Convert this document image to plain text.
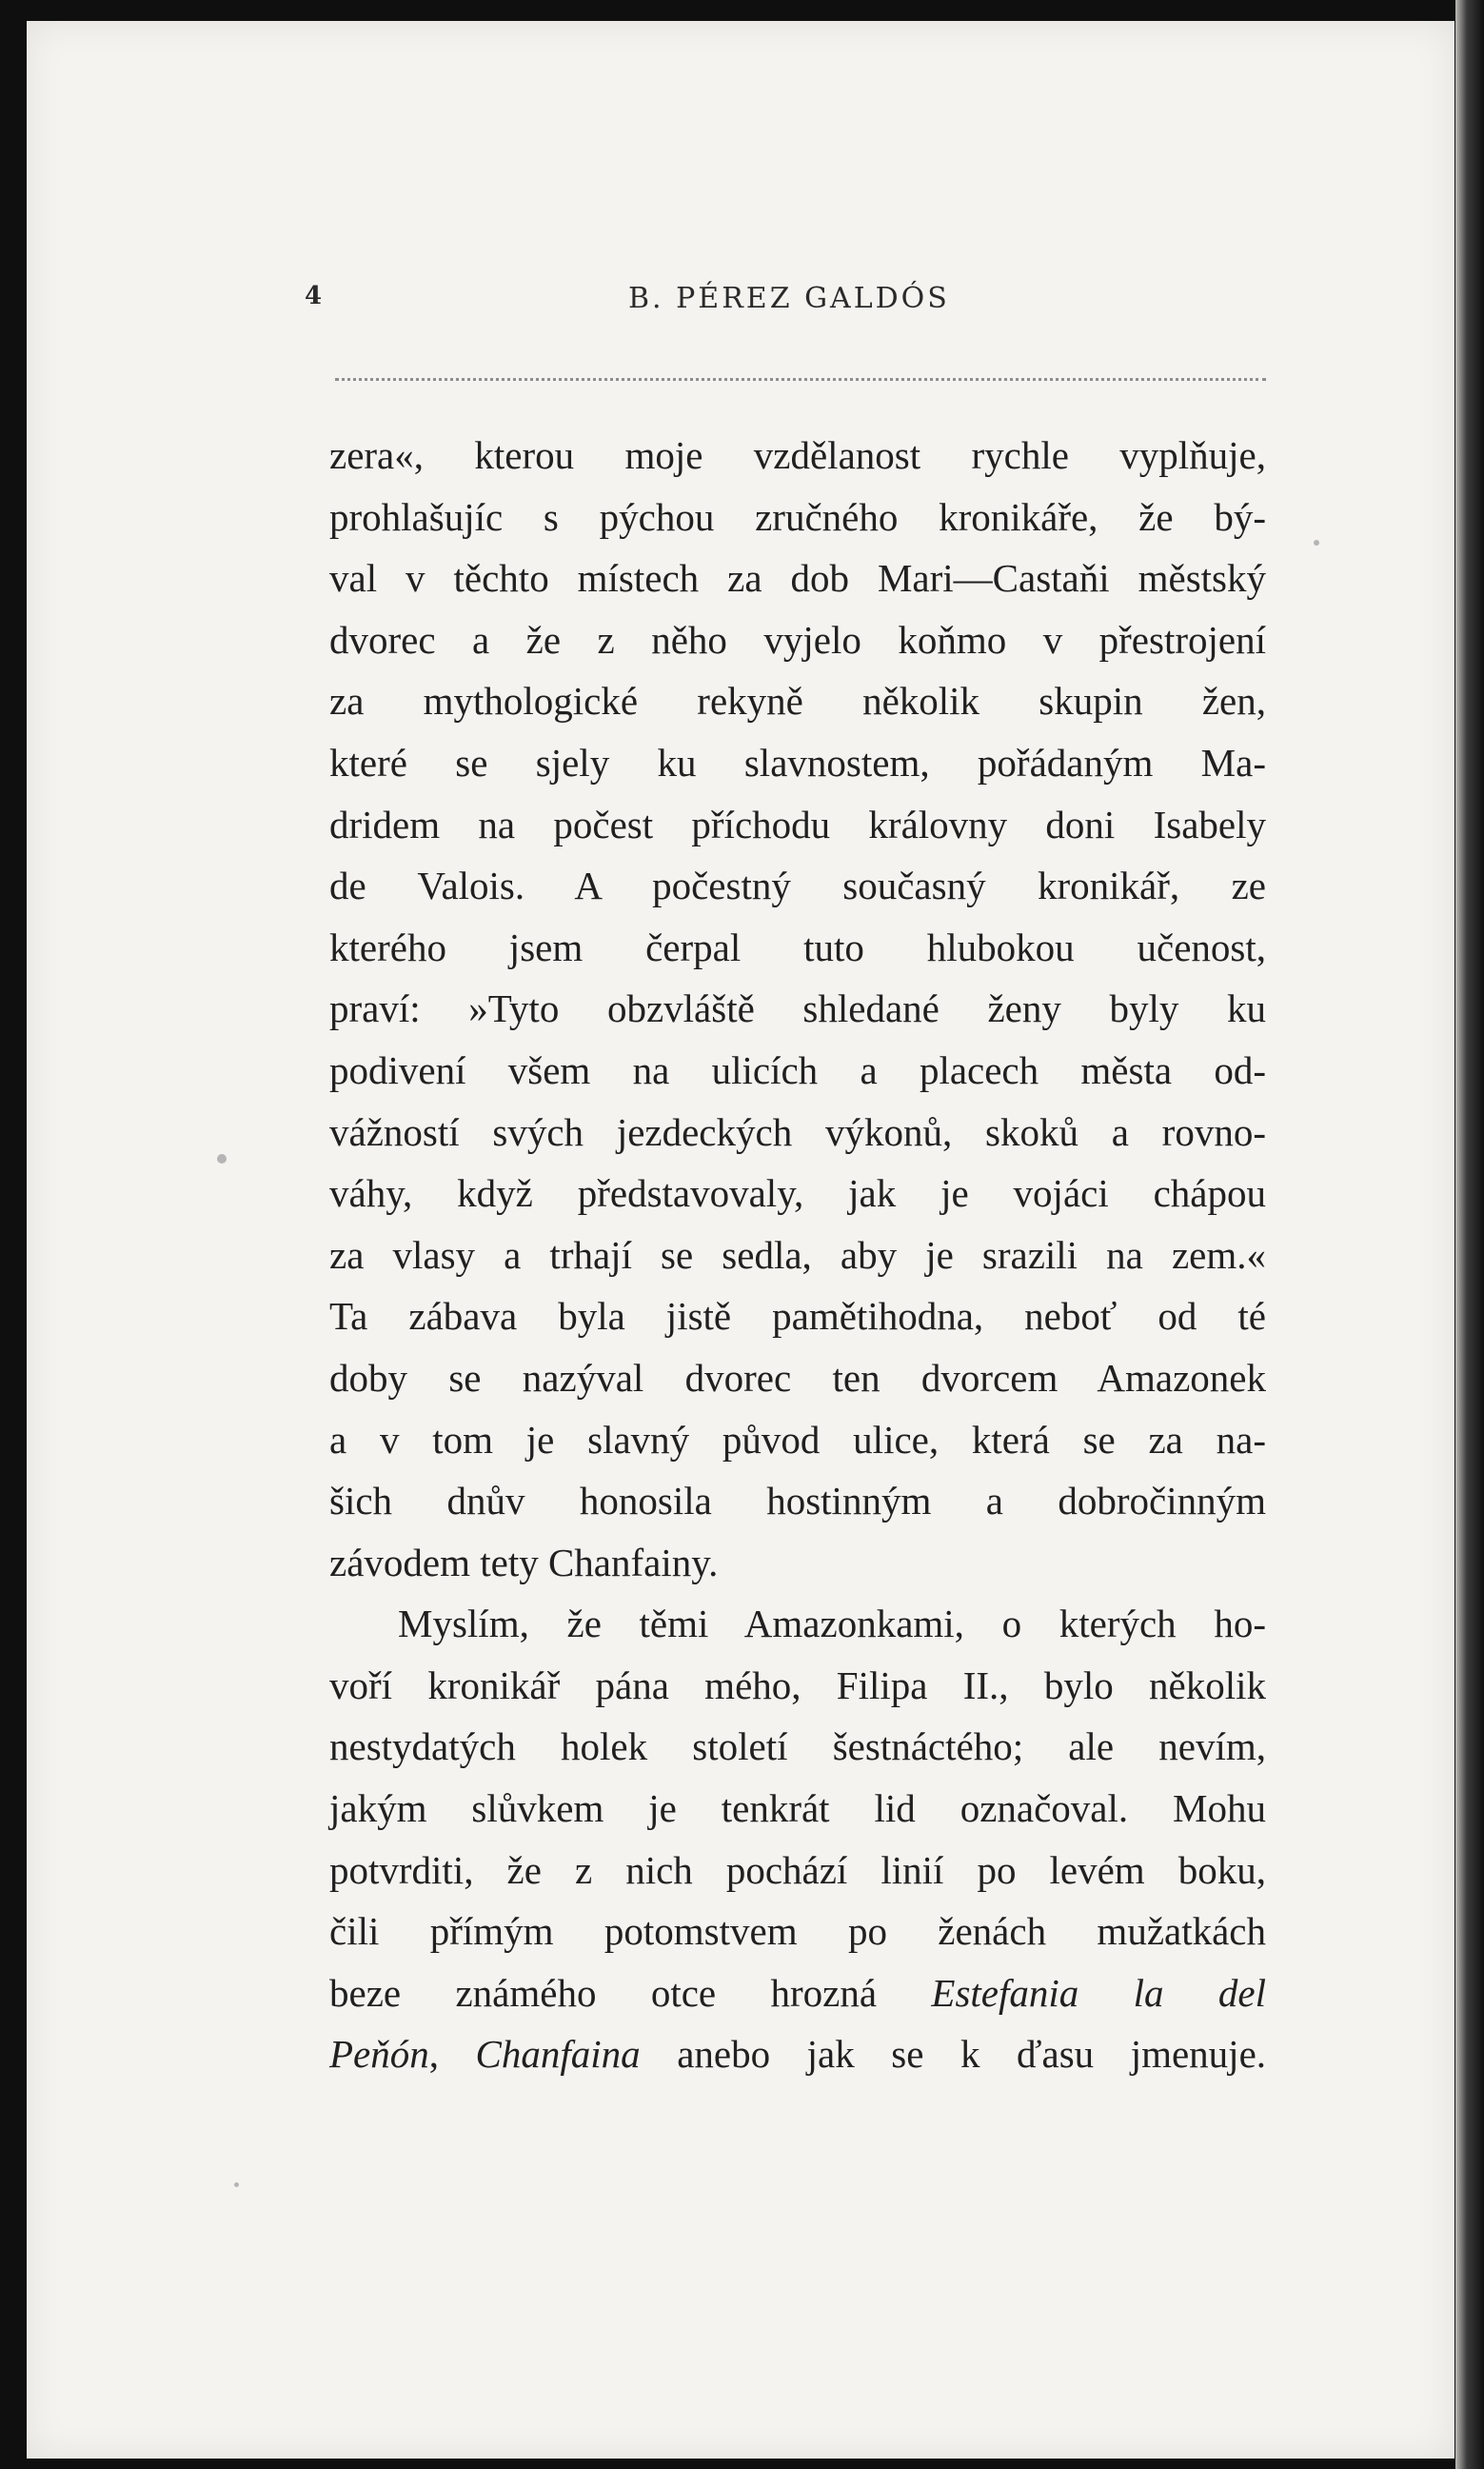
4	B. PÉREZ GALDÓS
zera«, kterou moje vzdělanost rychle vyplňuje,
prohlašujíc s pýchou zručného kronikáře, že bý-
val v těchto místech za dob Mari—Castaňi městský
dvorec a že z něho vyjelo koňmo v přestrojení
za mythologické rekyně několik skupin žen,
které se sjely ku slavnostem, pořádaným Ma-
dridem na počest příchodu královny doni Isabely
de Valois. A počestný současný kronikář, ze
kterého jsem čerpal tuto hlubokou učenost,
praví: »Tyto obzvláště shledané ženy byly ku
podivení všem na ulicích a placech města od-
vážností svých jezdeckých výkonů, skoků a rovno-
váhy, když představovaly, jak je vojáci chápou
za vlasy a trhají se sedla, aby je srazili na zem.«
Ta zábava byla jistě pamětihodna, neboť od té
doby se nazýval dvorec ten dvorcem Amazonek
a v tom je slavný původ ulice, která se za na-
šich dnův honosila hostinným a dobročinným
závodem tety Chanfainy.
Myslím, že těmi Amazonkami, o kterých ho-
voří kronikář pána mého, Filipa II., bylo několik
nestydatých holek století šestnáctého; ale nevím,
jakým slůvkem je tenkrát lid označoval. Mohu
potvrditi, že z nich pochází linií po levém boku,
čili přímým potomstvem po ženách mužatkách
beze známého otce hrozná Estefania la del
Peňón, Chanfaina anebo jak se k ďasu jmenuje.
